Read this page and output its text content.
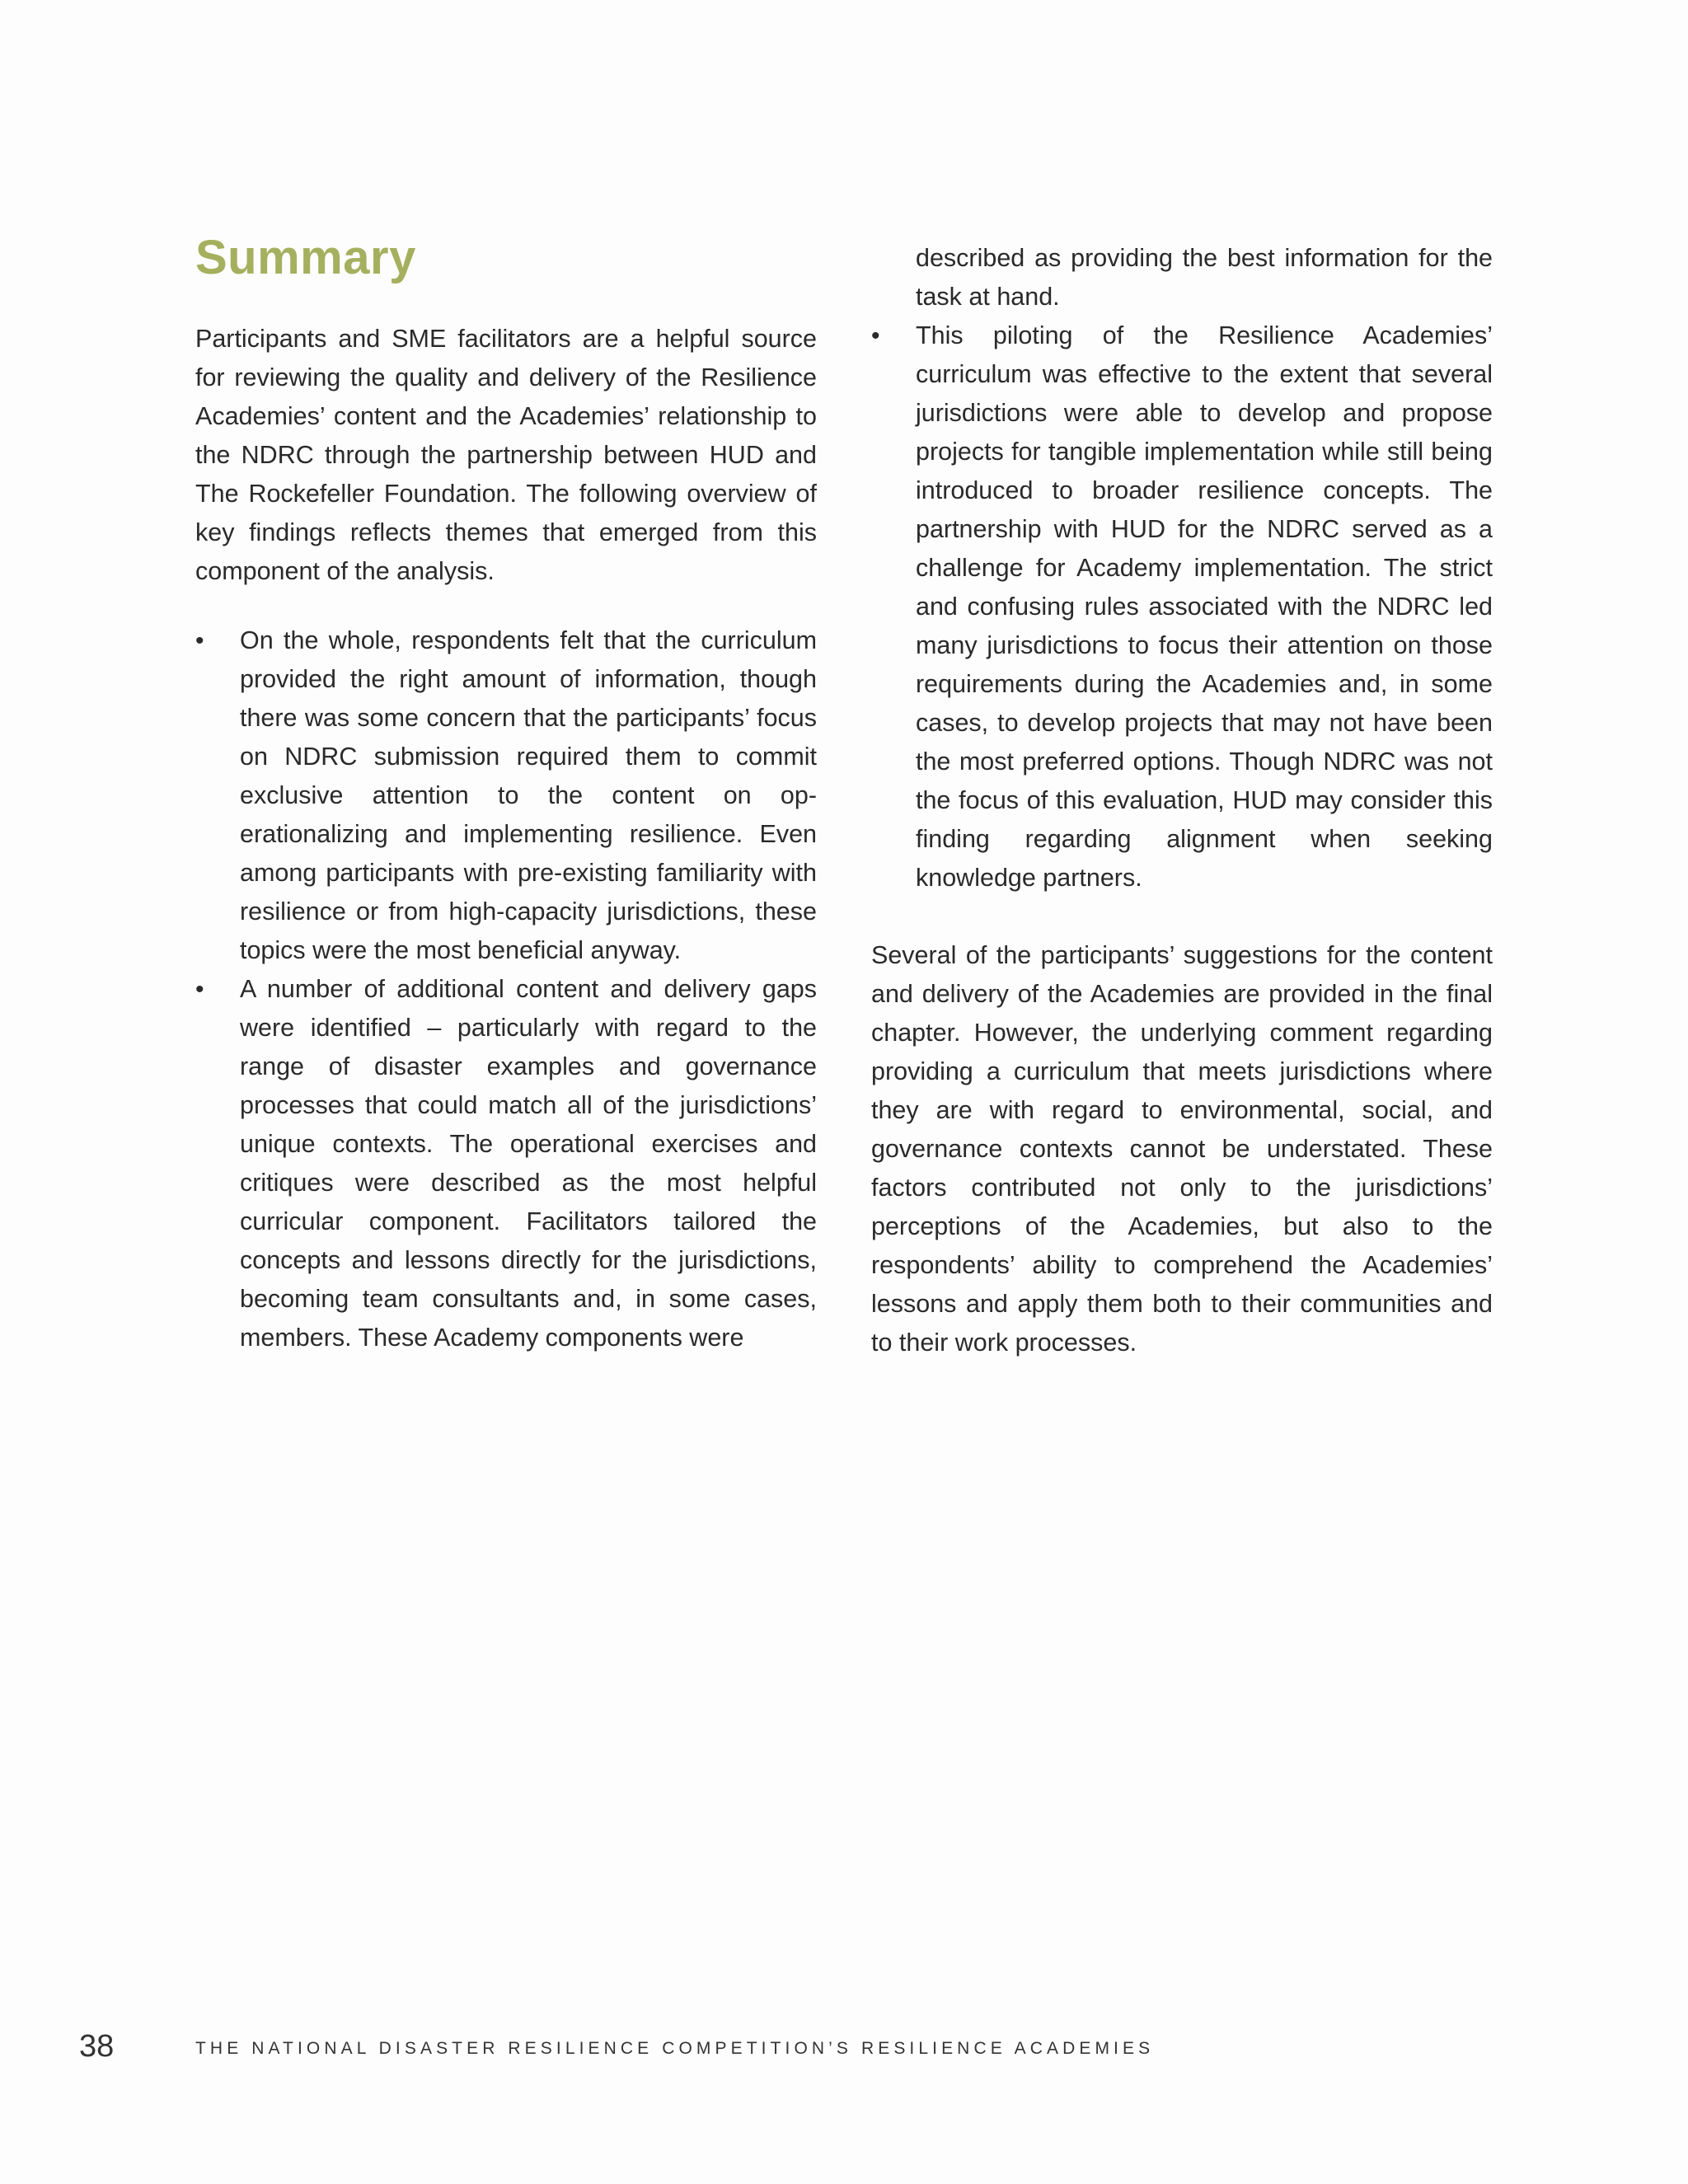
Summary

Participants and SME facilitators are a helpful source for reviewing the quality and delivery of the Resilience Academies’ content and the Academies’ relationship to the NDRC through the partnership between HUD and The Rockefeller Foundation. The following overview of key findings reflects themes that emerged from this component of the analysis.

•	On the whole, respondents felt that the curriculum provided the right amount of information, though there was some concern that the participants’ focus on NDRC submission required them to commit exclusive attention to the content on op-erationalizing and implementing resilience. Even among participants with pre-existing familiarity with resilience or from high-capacity jurisdictions, these topics were the most beneficial anyway.
•	A number of additional content and delivery gaps were identified – particularly with regard to the range of disaster examples and governance processes that could match all of the jurisdictions’ unique contexts. The operational exercises and critiques were described as the most helpful curricular component. Facilitators tailored the concepts and lessons directly for the jurisdictions, becoming team consultants and, in some cases, members. These Academy components were
described as providing the best information for the task at hand.
•	This piloting of the Resilience Academies’ curriculum was effective to the extent that several jurisdictions were able to develop and propose projects for tangible implementation while still being introduced to broader resilience concepts. The partnership with HUD for the NDRC served as a challenge for Academy implementation. The strict and confusing rules associated with the NDRC led many jurisdictions to focus their attention on those requirements during the Academies and, in some cases, to develop projects that may not have been the most preferred options. Though NDRC was not the focus of this evaluation, HUD may consider this finding regarding alignment when seeking knowledge partners.

Several of the participants’ suggestions for the content and delivery of the Academies are provided in the final chapter. However, the underlying comment regarding providing a curriculum that meets jurisdictions where they are with regard to environmental, social, and governance contexts cannot be understated. These factors contributed not only to the jurisdictions’ perceptions of the Academies, but also to the respondents’ ability to comprehend the Academies’ lessons and apply them both to their communities and to their work processes.

38	THE NATIONAL DISASTER RESILIENCE COMPETITION’S RESILIENCE ACADEMIES
